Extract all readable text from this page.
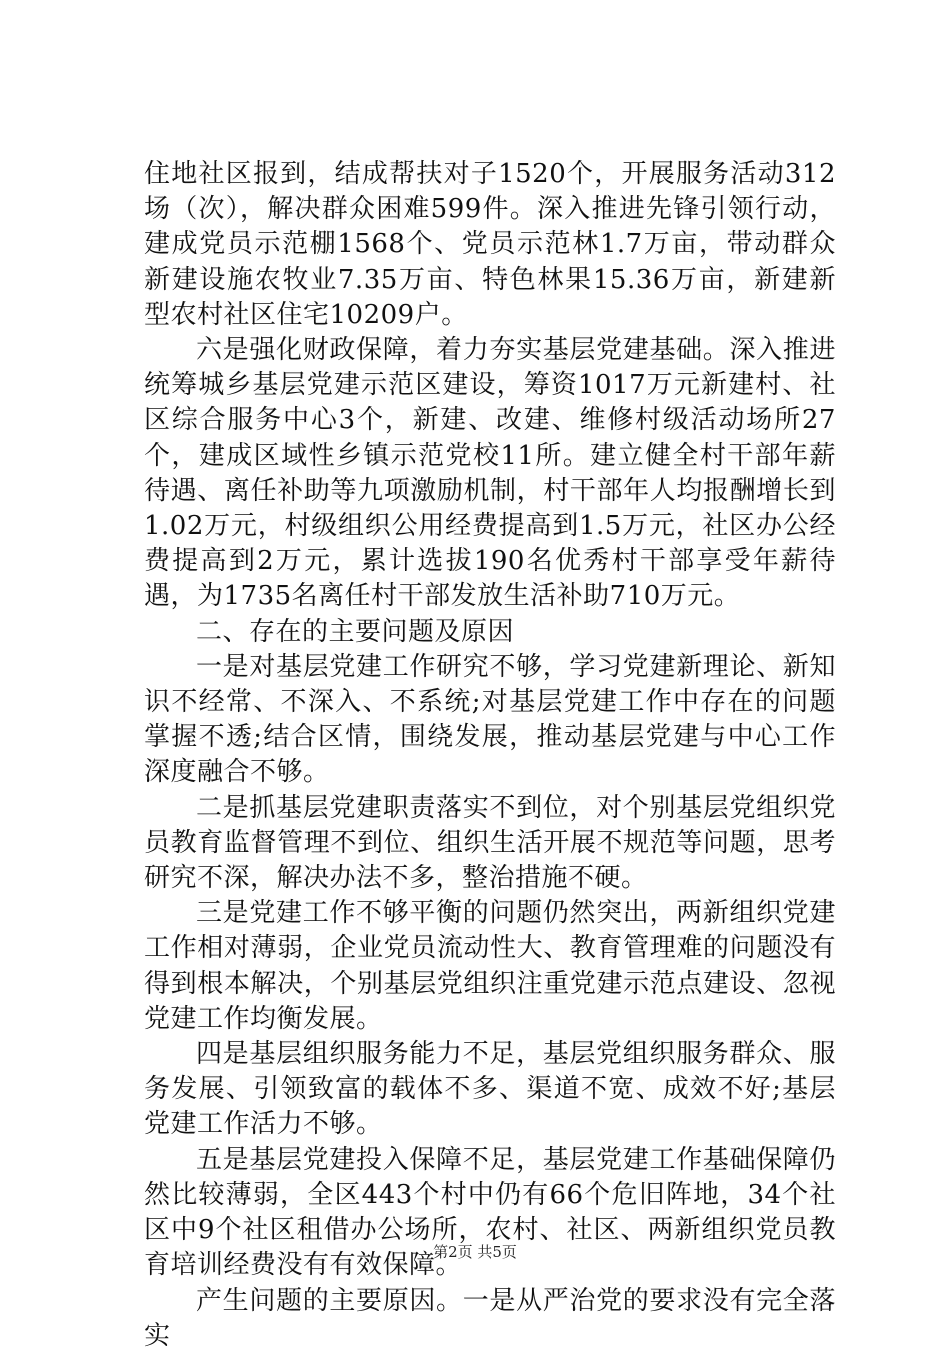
住地社区报到，结成帮扶对子1520个，开展服务活动312场（次），解决群众困难599件。深入推进先锋引领行动，建成党员示范棚1568个、党员示范林1.7万亩，带动群众新建设施农牧业7.35万亩、特色林果15.36万亩，新建新型农村社区住宅10209户。

六是强化财政保障，着力夯实基层党建基础。深入推进统筹城乡基层党建示范区建设，筹资1017万元新建村、社区综合服务中心3个，新建、改建、维修村级活动场所27个，建成区域性乡镇示范党校11所。建立健全村干部年薪待遇、离任补助等九项激励机制，村干部年人均报酬增长到1.02万元，村级组织公用经费提高到1.5万元，社区办公经费提高到2万元，累计选拔190名优秀村干部享受年薪待遇，为1735名离任村干部发放生活补助710万元。

二、存在的主要问题及原因

一是对基层党建工作研究不够，学习党建新理论、新知识不经常、不深入、不系统;对基层党建工作中存在的问题掌握不透;结合区情，围绕发展，推动基层党建与中心工作深度融合不够。

二是抓基层党建职责落实不到位，对个别基层党组织党员教育监督管理不到位、组织生活开展不规范等问题，思考研究不深，解决办法不多，整治措施不硬。

三是党建工作不够平衡的问题仍然突出，两新组织党建工作相对薄弱，企业党员流动性大、教育管理难的问题没有得到根本解决，个别基层党组织注重党建示范点建设、忽视党建工作均衡发展。

四是基层组织服务能力不足，基层党组织服务群众、服务发展、引领致富的载体不多、渠道不宽、成效不好;基层党建工作活力不够。

五是基层党建投入保障不足，基层党建工作基础保障仍然比较薄弱，全区443个村中仍有66个危旧阵地，34个社区中9个社区租借办公场所，农村、社区、两新组织党员教育培训经费没有有效保障。

产生问题的主要原因。一是从严治党的要求没有完全落实

第2页 共5页
